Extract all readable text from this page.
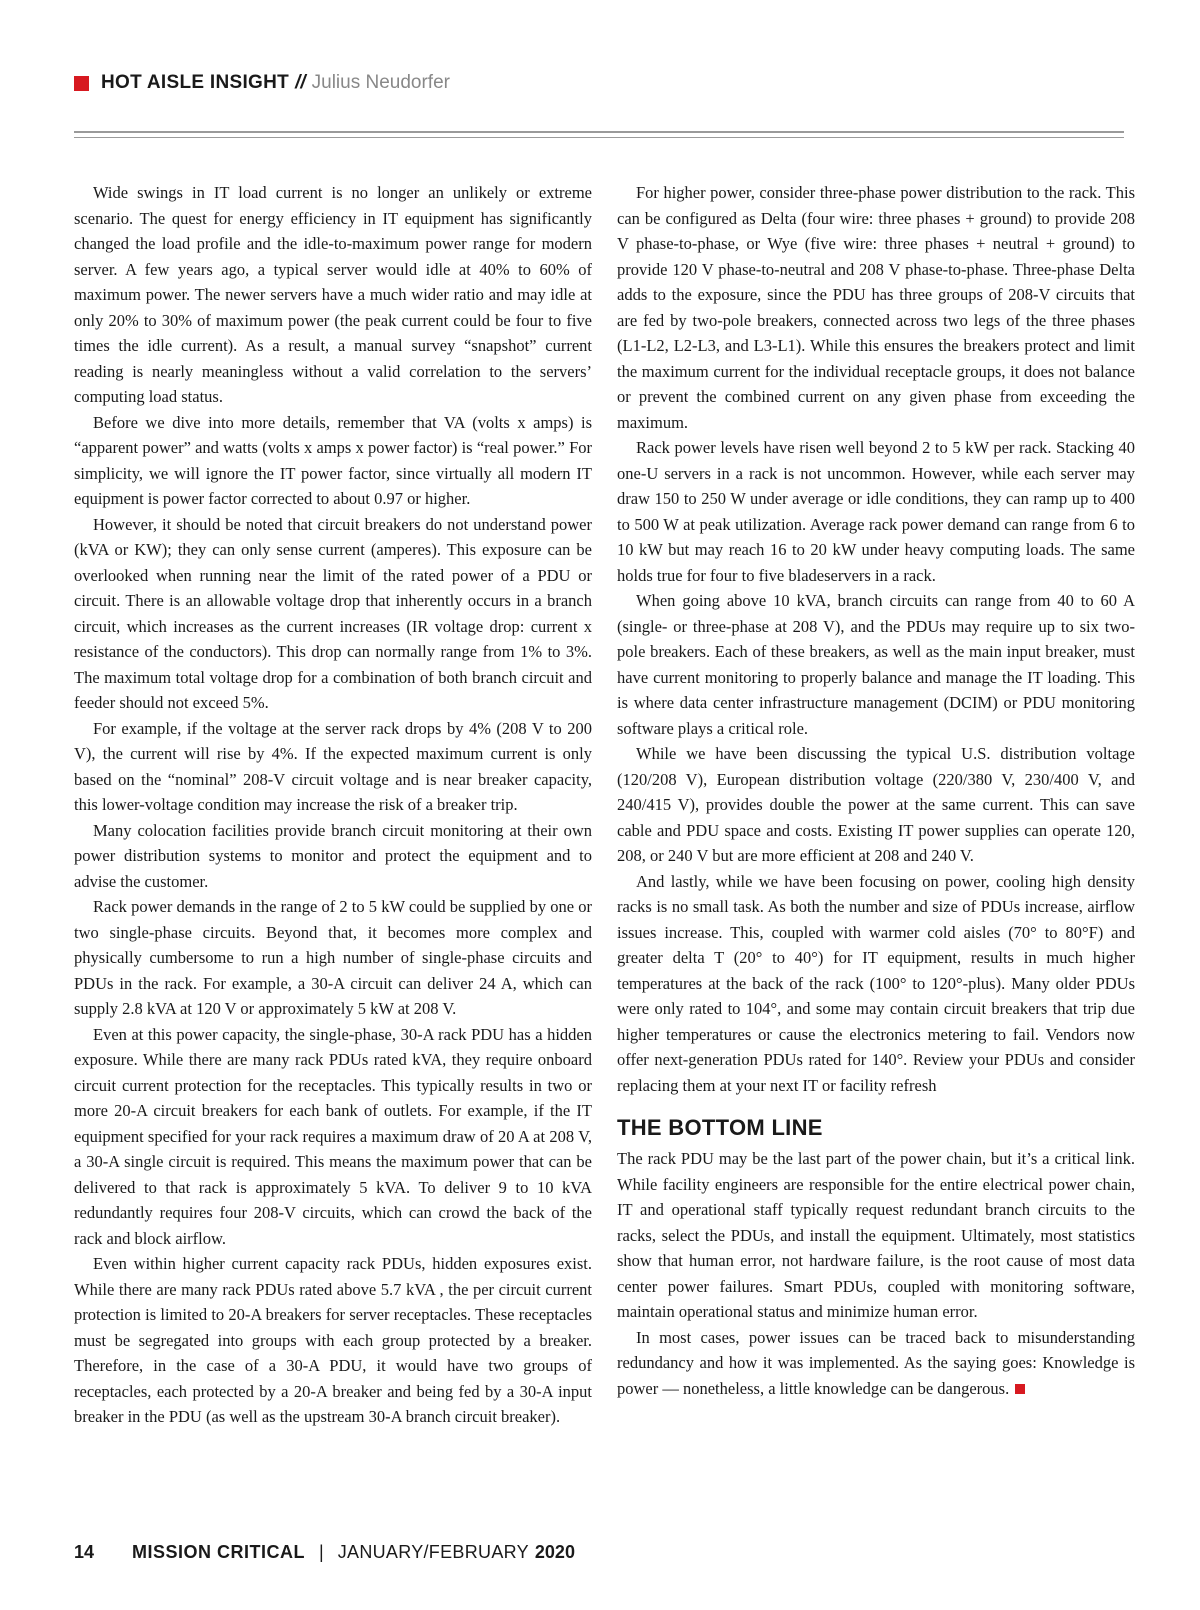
HOT AISLE INSIGHT // Julius Neudorfer

Wide swings in IT load current is no longer an unlikely or extreme scenario. The quest for energy efficiency in IT equipment has significantly changed the load profile and the idle-to-maximum power range for modern server. A few years ago, a typical server would idle at 40% to 60% of maximum power. The newer servers have a much wider ratio and may idle at only 20% to 30% of maximum power (the peak current could be four to five times the idle current). As a result, a manual survey “snapshot” current reading is nearly meaningless without a valid correlation to the servers’ computing load status.

Before we dive into more details, remember that VA (volts x amps) is “apparent power” and watts (volts x amps x power factor) is “real power.” For simplicity, we will ignore the IT power factor, since virtually all modern IT equipment is power factor corrected to about 0.97 or higher.

However, it should be noted that circuit breakers do not understand power (kVA or KW); they can only sense current (amperes). This exposure can be overlooked when running near the limit of the rated power of a PDU or circuit. There is an allowable voltage drop that inherently occurs in a branch circuit, which increases as the current increases (IR voltage drop: current x resistance of the conductors). This drop can normally range from 1% to 3%. The maximum total voltage drop for a combination of both branch circuit and feeder should not exceed 5%.

For example, if the voltage at the server rack drops by 4% (208 V to 200 V), the current will rise by 4%. If the expected maximum current is only based on the “nominal” 208-V circuit voltage and is near breaker capacity, this lower-voltage condition may increase the risk of a breaker trip.

Many colocation facilities provide branch circuit monitoring at their own power distribution systems to monitor and protect the equipment and to advise the customer.

Rack power demands in the range of 2 to 5 kW could be supplied by one or two single-phase circuits. Beyond that, it becomes more complex and physically cumbersome to run a high number of single-phase circuits and PDUs in the rack. For example, a 30-A circuit can deliver 24 A, which can supply 2.8 kVA at 120 V or approximately 5 kW at 208 V.

Even at this power capacity, the single-phase, 30-A rack PDU has a hidden exposure. While there are many rack PDUs rated kVA, they require onboard circuit current protection for the receptacles. This typically results in two or more 20-A circuit breakers for each bank of outlets. For example, if the IT equipment specified for your rack requires a maximum draw of 20 A at 208 V, a 30-A single circuit is required. This means the maximum power that can be delivered to that rack is approximately 5 kVA. To deliver 9 to 10 kVA redundantly requires four 208-V circuits, which can crowd the back of the rack and block airflow.

Even within higher current capacity rack PDUs, hidden exposures exist. While there are many rack PDUs rated above 5.7 kVA , the per circuit current protection is limited to 20-A breakers for server receptacles. These receptacles must be segregated into groups with each group protected by a breaker. Therefore, in the case of a 30-A PDU, it would have two groups of receptacles, each protected by a 20-A breaker and being fed by a 30-A input breaker in the PDU (as well as the upstream 30-A branch circuit breaker).

For higher power, consider three-phase power distribution to the rack. This can be configured as Delta (four wire: three phases + ground) to provide 208 V phase-to-phase, or Wye (five wire: three phases + neutral + ground) to provide 120 V phase-to-neutral and 208 V phase-to-phase. Three-phase Delta adds to the exposure, since the PDU has three groups of 208-V circuits that are fed by two-pole breakers, connected across two legs of the three phases (L1-L2, L2-L3, and L3-L1). While this ensures the breakers protect and limit the maximum current for the individual receptacle groups, it does not balance or prevent the combined current on any given phase from exceeding the maximum.

Rack power levels have risen well beyond 2 to 5 kW per rack. Stacking 40 one-U servers in a rack is not uncommon. However, while each server may draw 150 to 250 W under average or idle conditions, they can ramp up to 400 to 500 W at peak utilization. Average rack power demand can range from 6 to 10 kW but may reach 16 to 20 kW under heavy computing loads. The same holds true for four to five bladeservers in a rack.

When going above 10 kVA, branch circuits can range from 40 to 60 A (single- or three-phase at 208 V), and the PDUs may require up to six two-pole breakers. Each of these breakers, as well as the main input breaker, must have current monitoring to properly balance and manage the IT loading. This is where data center infrastructure management (DCIM) or PDU monitoring software plays a critical role.

While we have been discussing the typical U.S. distribution voltage (120/208 V), European distribution voltage (220/380 V, 230/400 V, and 240/415 V), provides double the power at the same current. This can save cable and PDU space and costs. Existing IT power supplies can operate 120, 208, or 240 V but are more efficient at 208 and 240 V.

And lastly, while we have been focusing on power, cooling high density racks is no small task. As both the number and size of PDUs increase, airflow issues increase. This, coupled with warmer cold aisles (70° to 80°F) and greater delta T (20° to 40°) for IT equipment, results in much higher temperatures at the back of the rack (100° to 120°-plus). Many older PDUs were only rated to 104°, and some may contain circuit breakers that trip due higher temperatures or cause the electronics metering to fail. Vendors now offer next-generation PDUs rated for 140°. Review your PDUs and consider replacing them at your next IT or facility refresh

THE BOTTOM LINE

The rack PDU may be the last part of the power chain, but it’s a critical link. While facility engineers are responsible for the entire electrical power chain, IT and operational staff typically request redundant branch circuits to the racks, select the PDUs, and install the equipment. Ultimately, most statistics show that human error, not hardware failure, is the root cause of most data center power failures. Smart PDUs, coupled with monitoring software, maintain operational status and minimize human error.

In most cases, power issues can be traced back to misunderstanding redundancy and how it was implemented. As the saying goes: Knowledge is power — nonetheless, a little knowledge can be dangerous.

14 MISSION CRITICAL | JANUARY/FEBRUARY 2020
